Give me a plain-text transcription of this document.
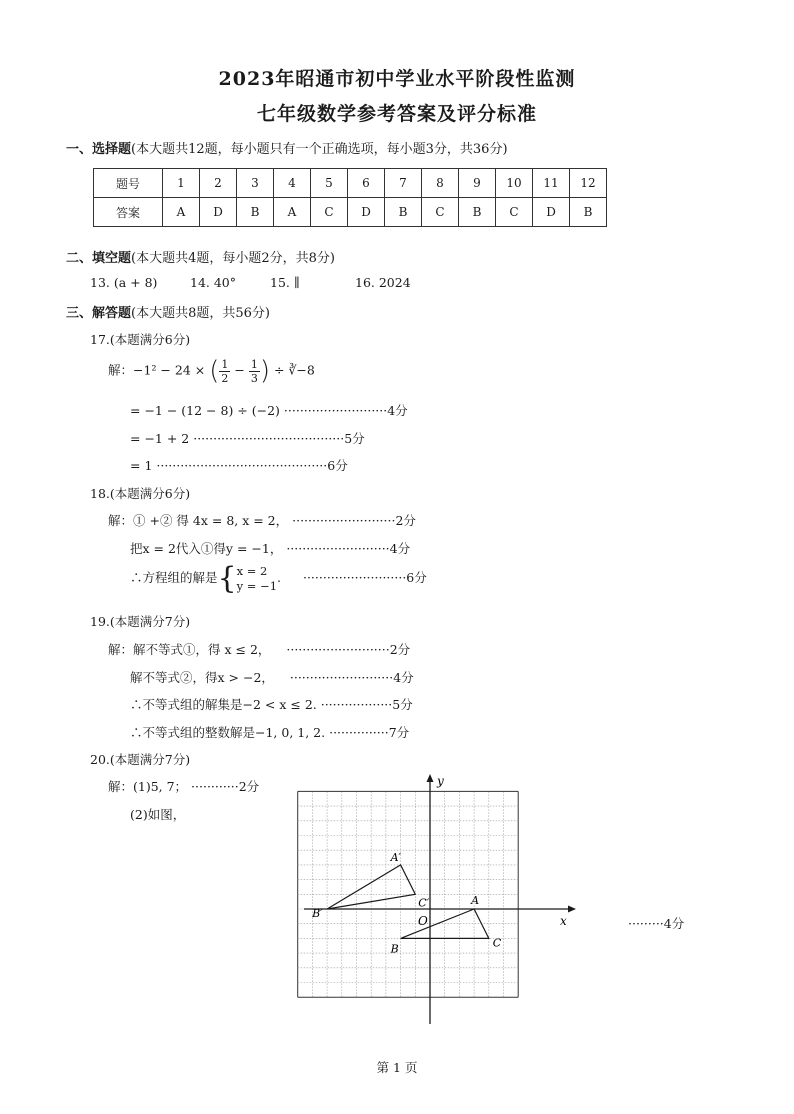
2023年昭通市初中学业水平阶段性监测
七年级数学参考答案及评分标准
一、选择题(本大题共12题，每小题只有一个正确选项，每小题3分，共36分)
题号	1	2	3	4	5	6	7	8	9	10	11	12
答案	A	D	B	A	C	D	B	C	B	C	D	B
二、填空题(本大题共4题，每小题2分，共8分)
13. (a + 8)	14. 40°	15. ∥	16. 2024
三、解答题(本大题共8题，共56分)
17.(本题满分6分)
解：−1² − 24 × ( $\frac{1}{2} - \frac{1}{3}$ ) ÷ ∛−8
= −1 − (12 − 8) ÷ (−2) ··························4分
= −1 + 2 ······································5分
= 1 ···········································6分
18.(本题满分6分)
解：① +② 得 4x = 8, x = 2， ··························2分
把x = 2代入①得y = −1， ··························4分
∴方程组的解是{ x = 2
y = −1
. ··························6分
19.(本题满分7分)
解：解不等式①，得 x ≤ 2， ··························2分
解不等式②，得x > −2， ··························4分
∴不等式组的解集是−2 < x ≤ 2. ··················5分
∴不等式组的整数解是−1, 0, 1, 2. ···············7分
20.(本题满分7分)
解：(1)5, 7； ············2分
(2)如图，
·········4分
x
y
O
A
B	C
A′
B′
C′
第 1 页
